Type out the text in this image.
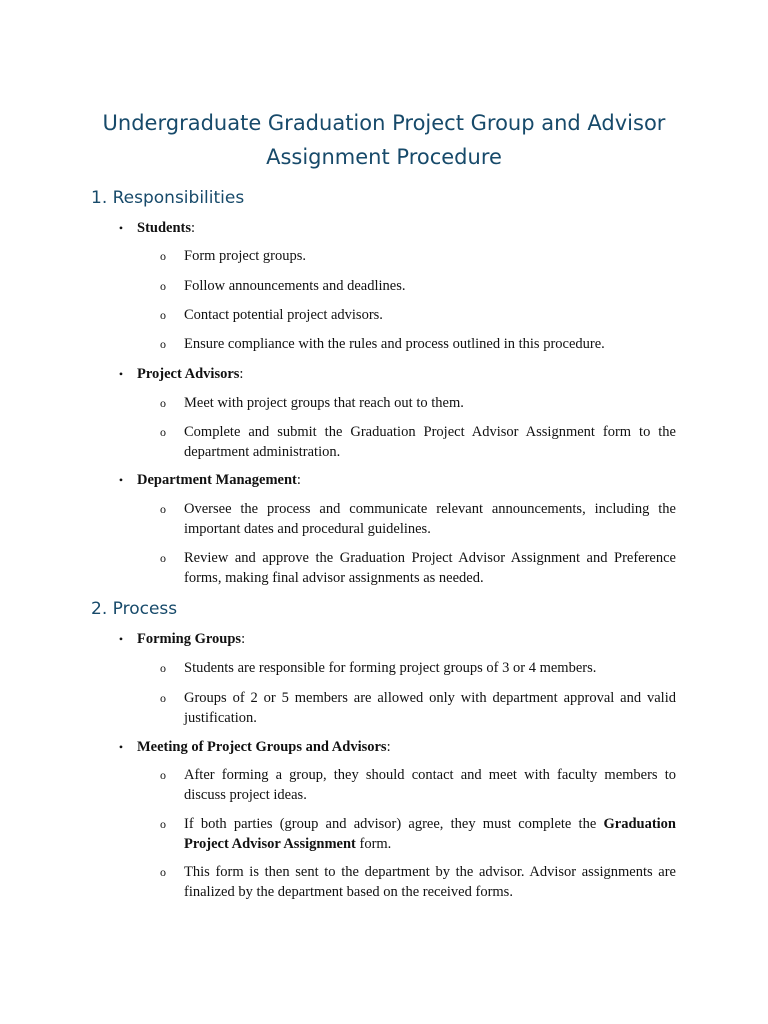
Undergraduate Graduation Project Group and Advisor
Assignment Procedure
1. Responsibilities
• Students:
o Form project groups.
o Follow announcements and deadlines.
o Contact potential project advisors.
o Ensure compliance with the rules and process outlined in this procedure.
• Project Advisors:
o Meet with project groups that reach out to them.
o Complete and submit the Graduation Project Advisor Assignment form to the department administration.
• Department Management:
o Oversee the process and communicate relevant announcements, including the important dates and procedural guidelines.
o Review and approve the Graduation Project Advisor Assignment and Preference forms, making final advisor assignments as needed.
2. Process
• Forming Groups:
o Students are responsible for forming project groups of 3 or 4 members.
o Groups of 2 or 5 members are allowed only with department approval and valid justification.
• Meeting of Project Groups and Advisors:
o After forming a group, they should contact and meet with faculty members to discuss project ideas.
o If both parties (group and advisor) agree, they must complete the Graduation Project Advisor Assignment form.
o This form is then sent to the department by the advisor. Advisor assignments are finalized by the department based on the received forms.
